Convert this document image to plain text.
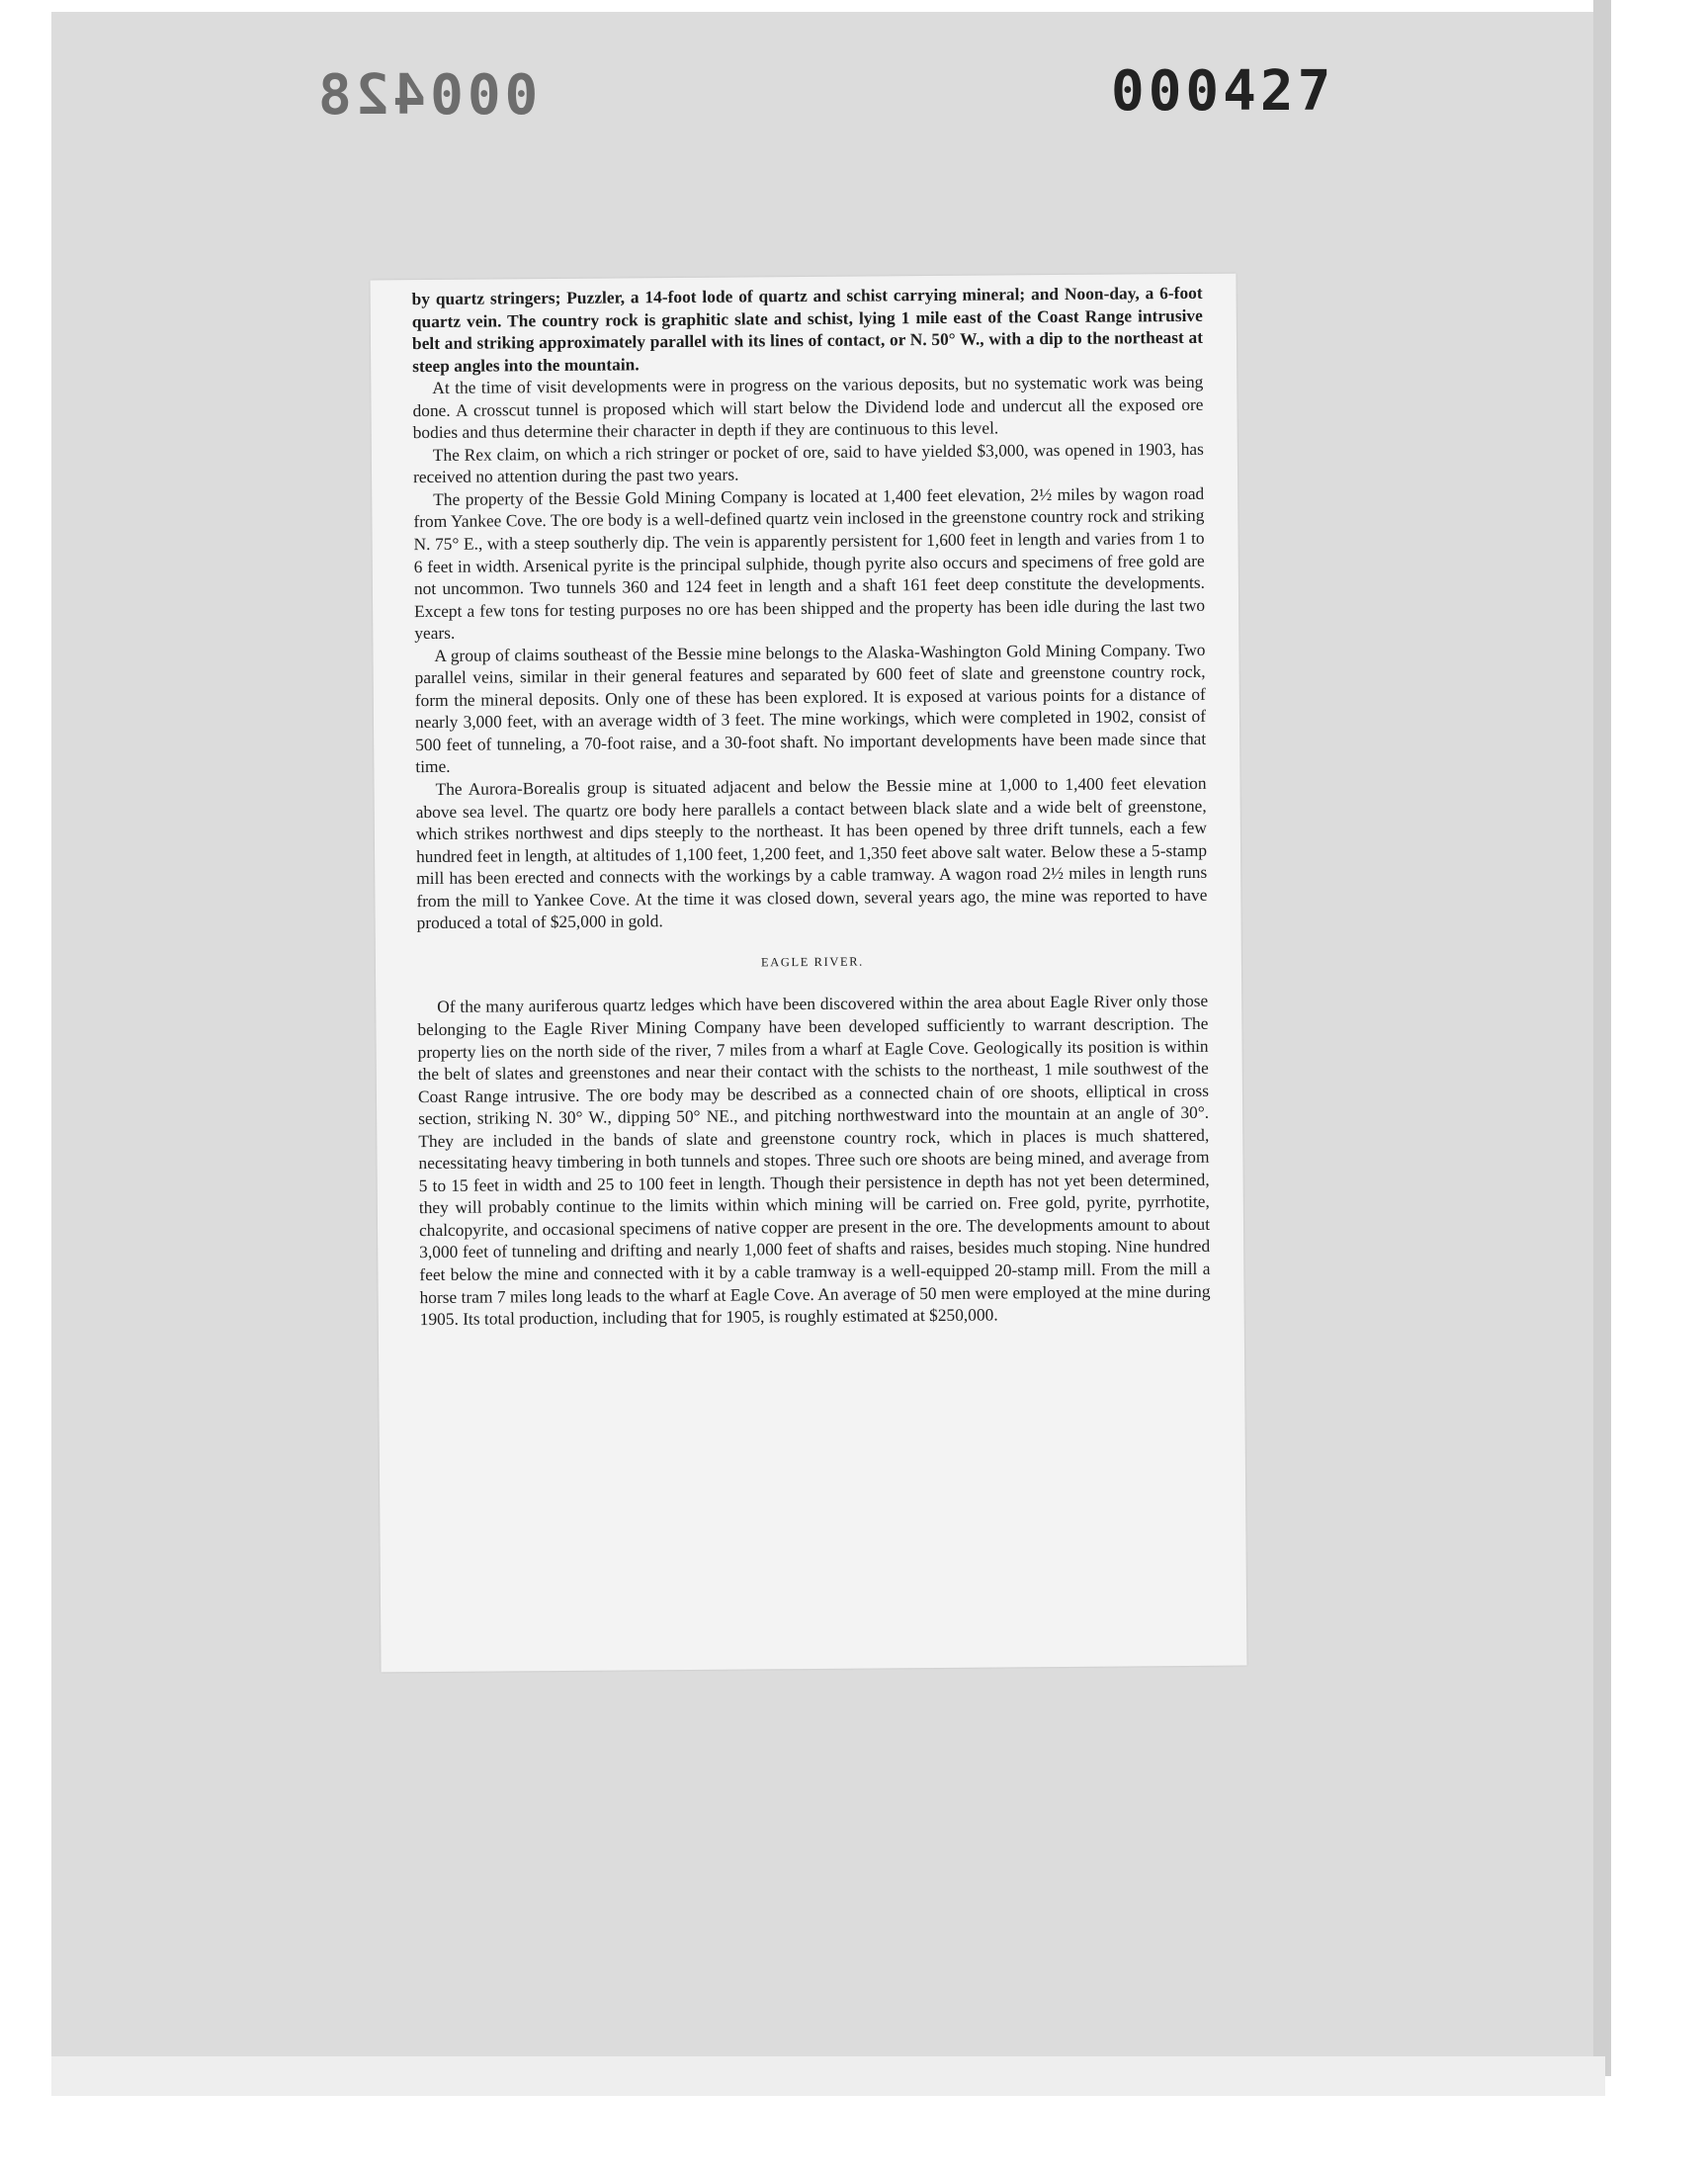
000428	000427

by quartz stringers; Puzzler, a 14-foot lode of quartz and schist carrying mineral; and Noon-day, a 6-foot quartz vein. The country rock is graphitic slate and schist, lying 1 mile east of the Coast Range intrusive belt and striking approximately parallel with its lines of contact, or N. 50° W., with a dip to the northeast at steep angles into the mountain.

At the time of visit developments were in progress on the various deposits, but no systematic work was being done. A crosscut tunnel is proposed which will start below the Dividend lode and undercut all the exposed ore bodies and thus determine their character in depth if they are continuous to this level.

The Rex claim, on which a rich stringer or pocket of ore, said to have yielded $3,000, was opened in 1903, has received no attention during the past two years.

The property of the Bessie Gold Mining Company is located at 1,400 feet elevation, 2½ miles by wagon road from Yankee Cove. The ore body is a well-defined quartz vein inclosed in the greenstone country rock and striking N. 75° E., with a steep southerly dip. The vein is apparently persistent for 1,600 feet in length and varies from 1 to 6 feet in width. Arsenical pyrite is the principal sulphide, though pyrite also occurs and specimens of free gold are not uncommon. Two tunnels 360 and 124 feet in length and a shaft 161 feet deep constitute the developments. Except a few tons for testing purposes no ore has been shipped and the property has been idle during the last two years.

A group of claims southeast of the Bessie mine belongs to the Alaska-Washington Gold Mining Company. Two parallel veins, similar in their general features and separated by 600 feet of slate and greenstone country rock, form the mineral deposits. Only one of these has been explored. It is exposed at various points for a distance of nearly 3,000 feet, with an average width of 3 feet. The mine workings, which were completed in 1902, consist of 500 feet of tunneling, a 70-foot raise, and a 30-foot shaft. No important developments have been made since that time.

The Aurora-Borealis group is situated adjacent and below the Bessie mine at 1,000 to 1,400 feet elevation above sea level. The quartz ore body here parallels a contact between black slate and a wide belt of greenstone, which strikes northwest and dips steeply to the northeast. It has been opened by three drift tunnels, each a few hundred feet in length, at altitudes of 1,100 feet, 1,200 feet, and 1,350 feet above salt water. Below these a 5-stamp mill has been erected and connects with the workings by a cable tramway. A wagon road 2½ miles in length runs from the mill to Yankee Cove. At the time it was closed down, several years ago, the mine was reported to have produced a total of $25,000 in gold.

EAGLE RIVER.

Of the many auriferous quartz ledges which have been discovered within the area about Eagle River only those belonging to the Eagle River Mining Company have been developed sufficiently to warrant description. The property lies on the north side of the river, 7 miles from a wharf at Eagle Cove. Geologically its position is within the belt of slates and greenstones and near their contact with the schists to the northeast, 1 mile southwest of the Coast Range intrusive. The ore body may be described as a connected chain of ore shoots, elliptical in cross section, striking N. 30° W., dipping 50° NE., and pitching northwestward into the mountain at an angle of 30°. They are included in the bands of slate and greenstone country rock, which in places is much shattered, necessitating heavy timbering in both tunnels and stopes. Three such ore shoots are being mined, and average from 5 to 15 feet in width and 25 to 100 feet in length. Though their persistence in depth has not yet been determined, they will probably continue to the limits within which mining will be carried on. Free gold, pyrite, pyrrhotite, chalcopyrite, and occasional specimens of native copper are present in the ore. The developments amount to about 3,000 feet of tunneling and drifting and nearly 1,000 feet of shafts and raises, besides much stoping. Nine hundred feet below the mine and connected with it by a cable tramway is a well-equipped 20-stamp mill. From the mill a horse tram 7 miles long leads to the wharf at Eagle Cove. An average of 50 men were employed at the mine during 1905. Its total production, including that for 1905, is roughly estimated at $250,000.
